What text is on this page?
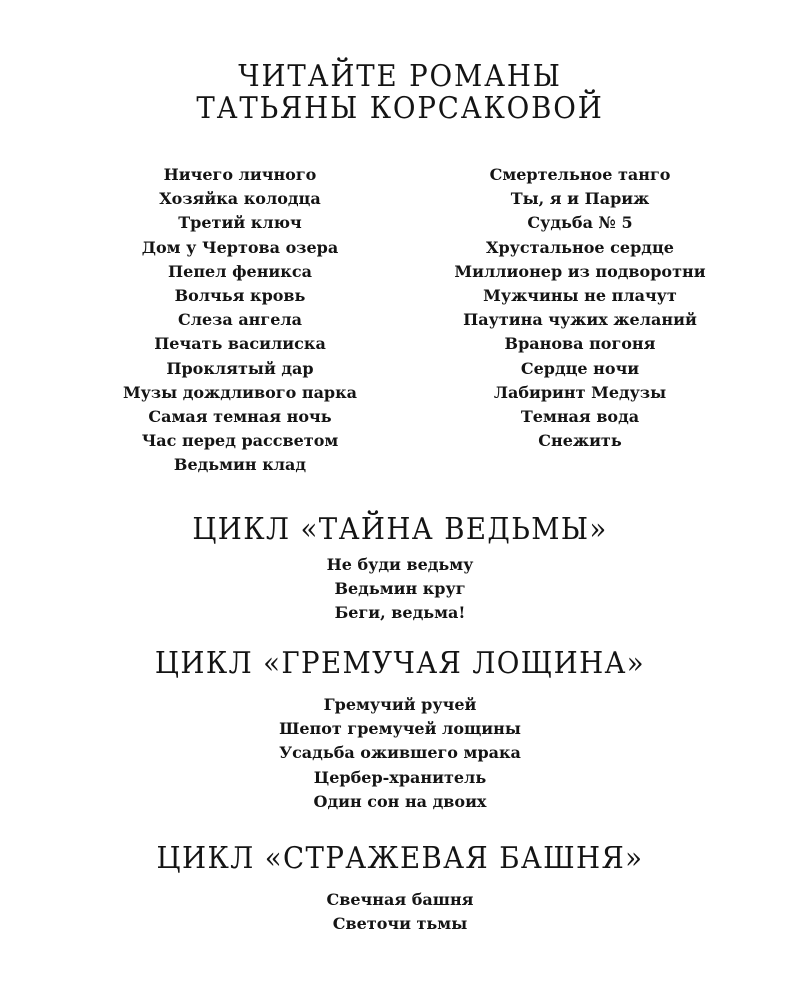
ЧИТАЙТЕ РОМАНЫ
ТАТЬЯНЫ КОРСАКОВОЙ
Ничего личного
Хозяйка колодца
Третий ключ
Дом у Чертова озера
Пепел феникса
Волчья кровь
Слеза ангела
Печать василиска
Проклятый дар
Музы дождливого парка
Самая темная ночь
Час перед рассветом
Ведьмин клад
Смертельное танго
Ты, я и Париж
Судьба № 5
Хрустальное сердце
Миллионер из подворотни
Мужчины не плачут
Паутина чужих желаний
Вранова погоня
Сердце ночи
Лабиринт Медузы
Темная вода
Снежить
ЦИКЛ «ТАЙНА ВЕДЬМЫ»
Не буди ведьму
Ведьмин круг
Беги, ведьма!
ЦИКЛ «ГРЕМУЧАЯ ЛОЩИНА»
Гремучий ручей
Шепот гремучей лощины
Усадьба ожившего мрака
Цербер-хранитель
Один сон на двоих
ЦИКЛ «СТРАЖЕВАЯ БАШНЯ»
Свечная башня
Светочи тьмы
